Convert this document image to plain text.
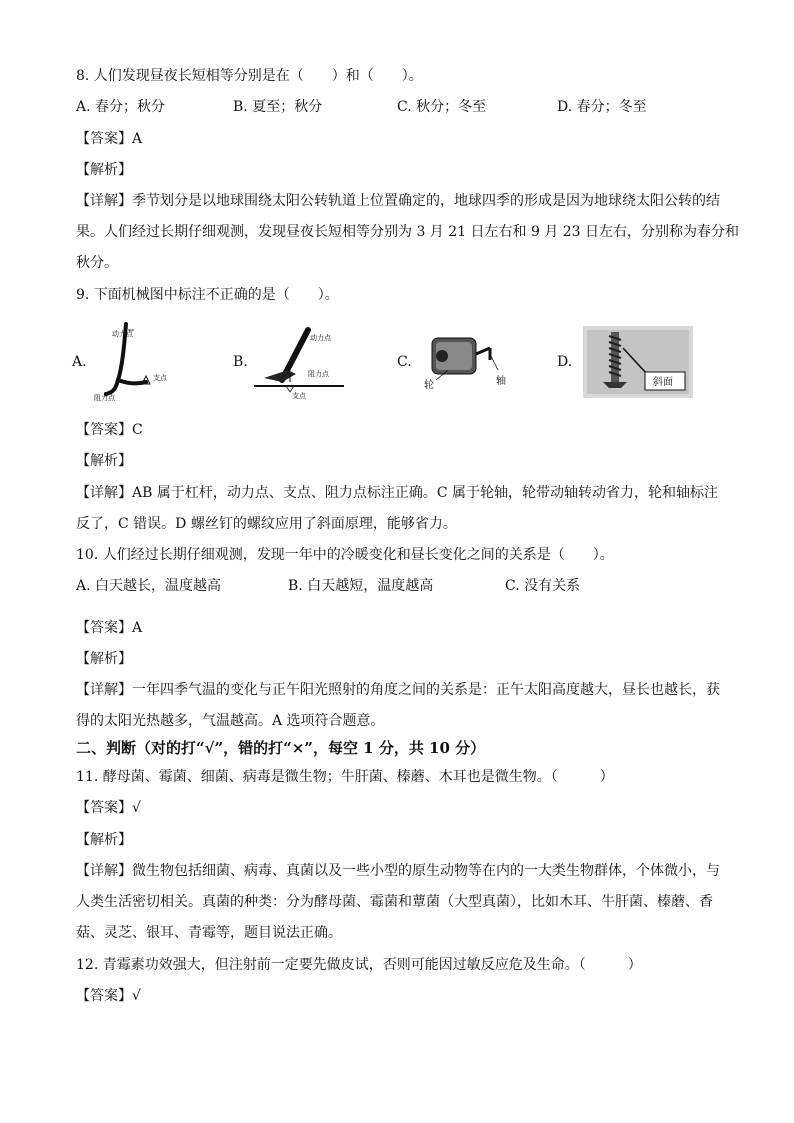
8. 人们发现昼夜长短相等分别是在（　　）和（　　）。
A. 春分；秋分	B. 夏至；秋分	C. 秋分；冬至	D. 春分；冬至
【答案】A
【解析】
【详解】季节划分是以地球围绕太阳公转轨道上位置确定的，地球四季的形成是因为地球绕太阳公转的结
果。人们经过长期仔细观测，发现昼夜长短相等分别为 3 月 21 日左右和 9 月 23 日左右，分别称为春分和
秋分。
9. 下面机械图中标注不正确的是（　　）。
A.
动力点
支点
阻力点
B.
动力点
阻力点
支点
C.
轮	轴
D.
斜面
【答案】C
【解析】
【详解】AB 属于杠杆，动力点、支点、阻力点标注正确。C 属于轮轴，轮带动轴转动省力，轮和轴标注
反了，C 错误。D 螺丝钉的螺纹应用了斜面原理，能够省力。
10. 人们经过长期仔细观测，发现一年中的冷暖变化和昼长变化之间的关系是（　　）。
A. 白天越长，温度越高	B. 白天越短，温度越高	C. 没有关系
【答案】A
【解析】
【详解】一年四季气温的变化与正午阳光照射的角度之间的关系是：正午太阳高度越大，昼长也越长，获
得的太阳光热越多，气温越高。A 选项符合题意。
二、判断（对的打“√”，错的打“×”，每空 1 分，共 10 分）
11. 酵母菌、霉菌、细菌、病毒是微生物；牛肝菌、榛蘑、木耳也是微生物。（　　　）
【答案】√
【解析】
【详解】微生物包括细菌、病毒、真菌以及一些小型的原生动物等在内的一大类生物群体，个体微小，与
人类生活密切相关。真菌的种类：分为酵母菌、霉菌和蕈菌（大型真菌），比如木耳、牛肝菌、榛蘑、香
菇、灵芝、银耳、青霉等，题目说法正确。
12. 青霉素功效强大，但注射前一定要先做皮试，否则可能因过敏反应危及生命。（　　　）
【答案】√
